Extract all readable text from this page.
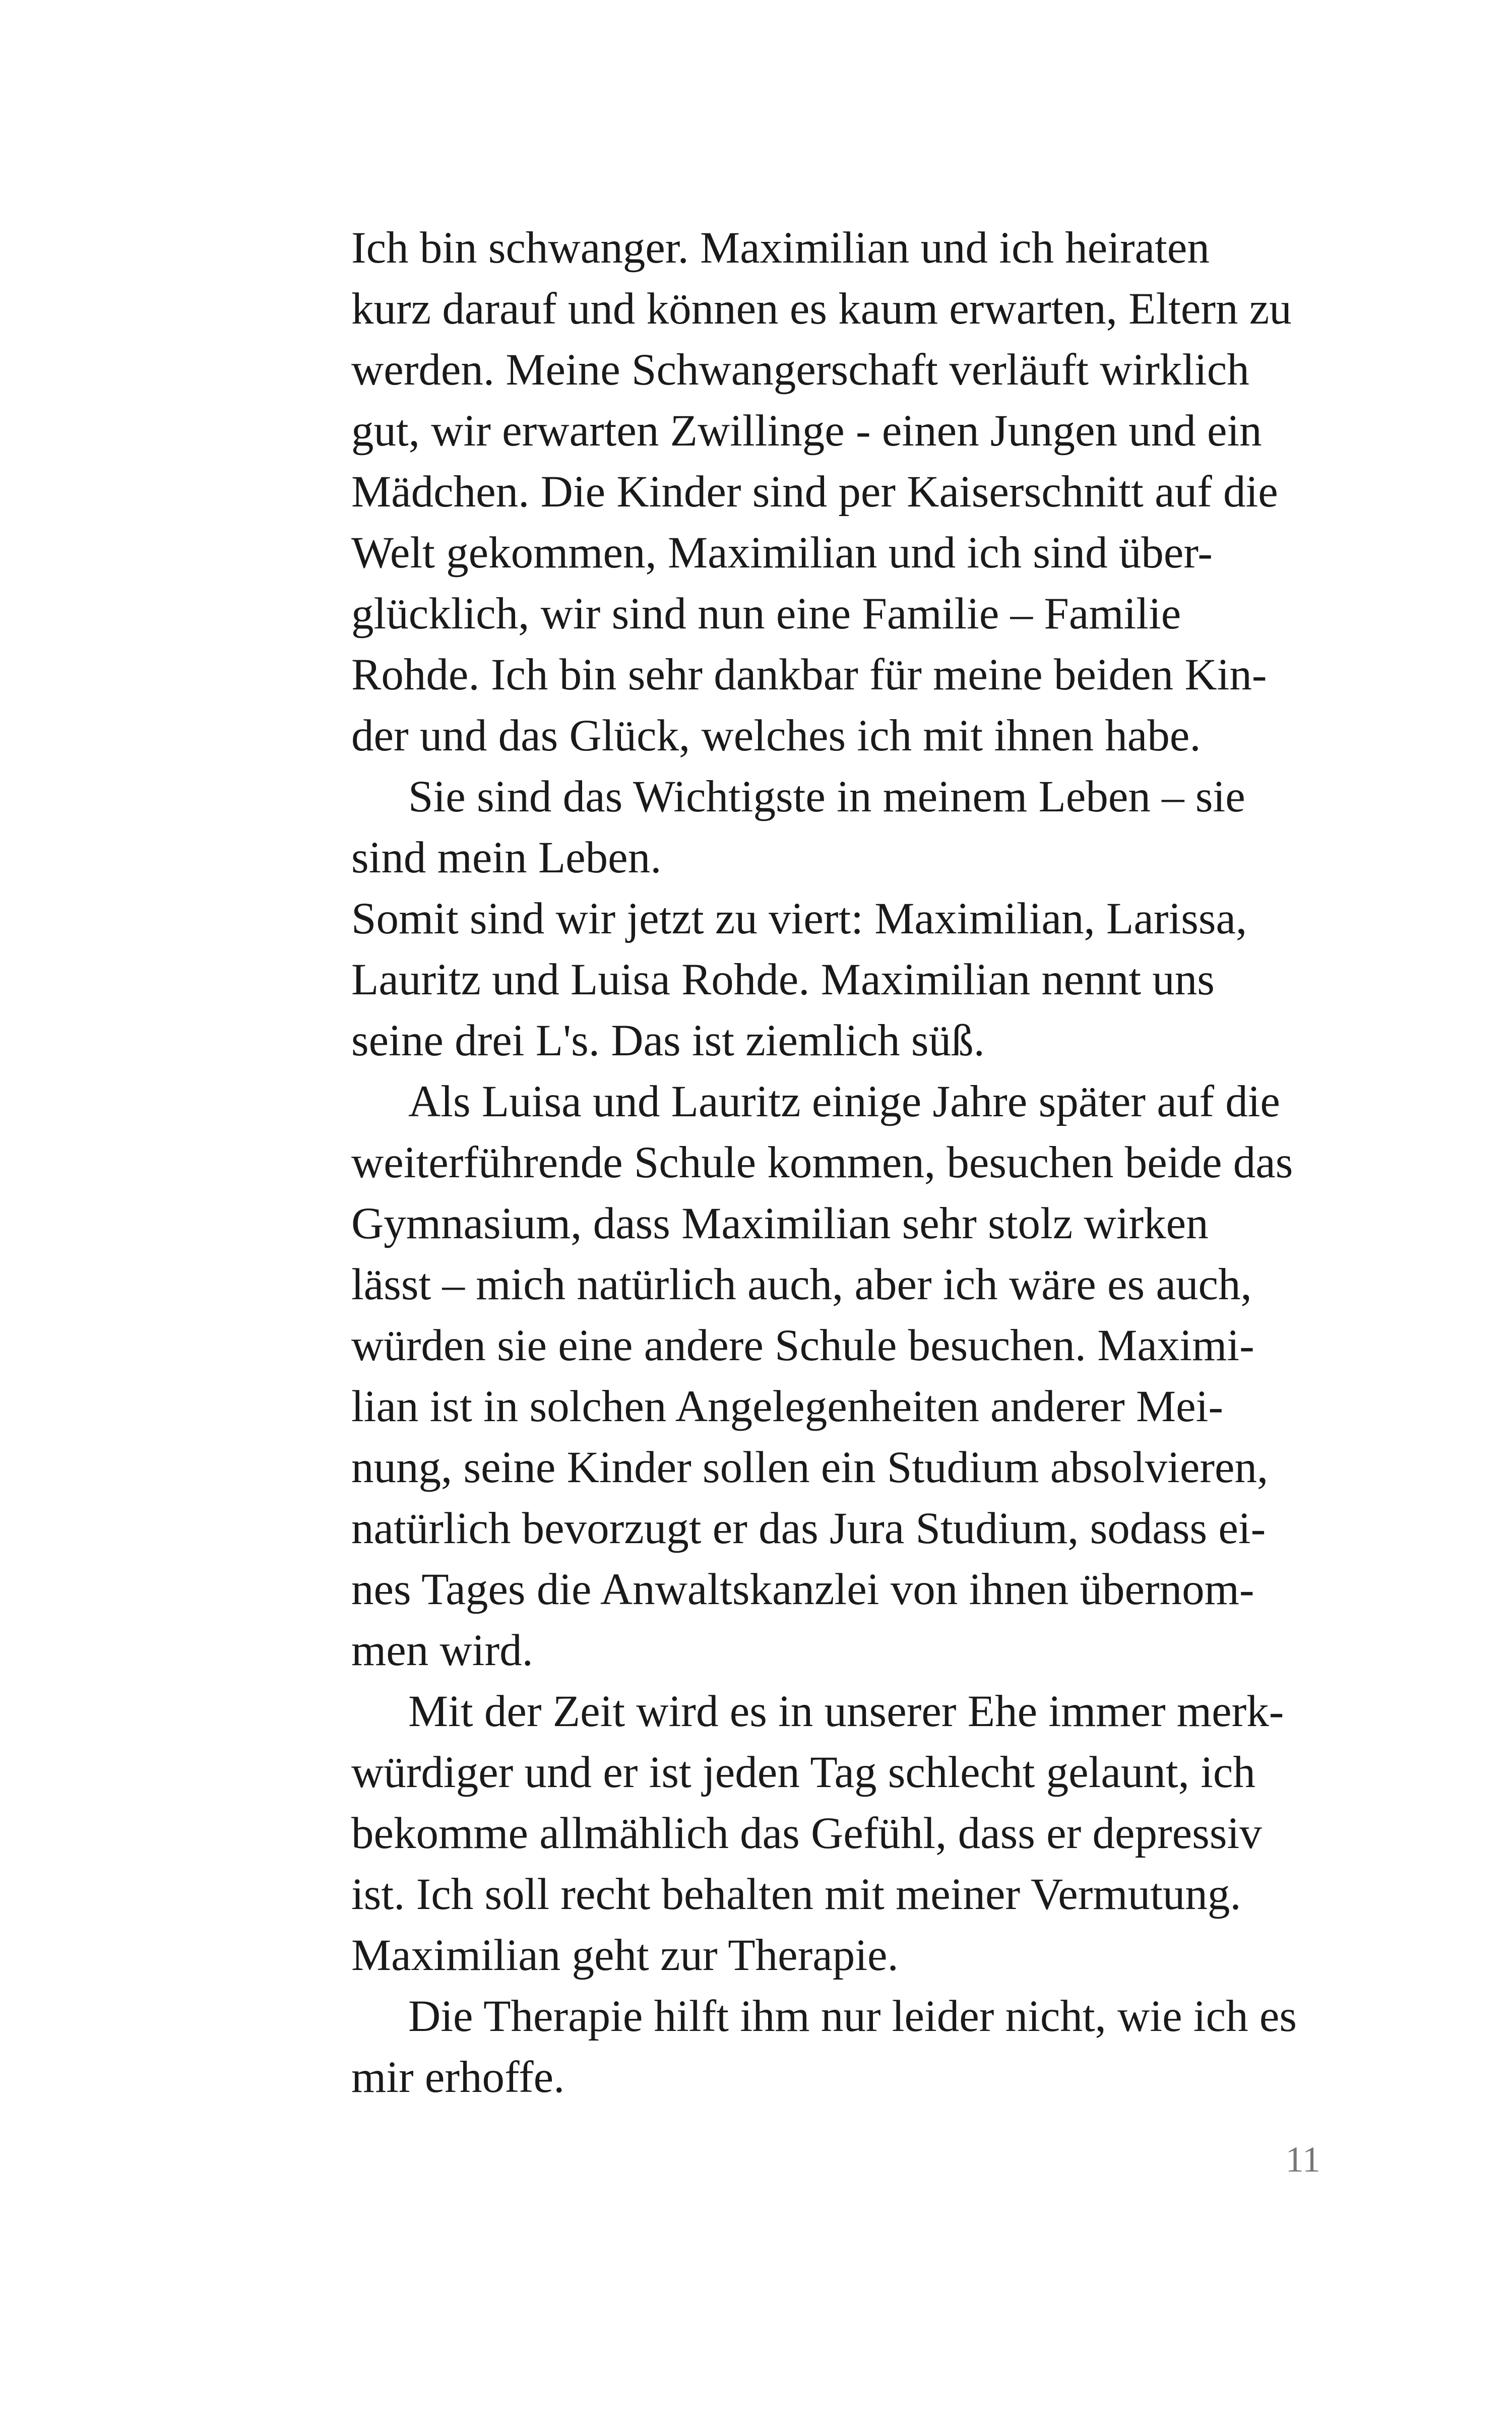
Ich bin schwanger. Maximilian und ich heiraten
kurz darauf und können es kaum erwarten, Eltern zu
werden. Meine Schwangerschaft verläuft wirklich
gut, wir erwarten Zwillinge - einen Jungen und ein
Mädchen. Die Kinder sind per Kaiserschnitt auf die
Welt gekommen, Maximilian und ich sind über-
glücklich, wir sind nun eine Familie – Familie
Rohde. Ich bin sehr dankbar für meine beiden Kin-
der und das Glück, welches ich mit ihnen habe.
Sie sind das Wichtigste in meinem Leben – sie
sind mein Leben.
Somit sind wir jetzt zu viert: Maximilian, Larissa,
Lauritz und Luisa Rohde. Maximilian nennt uns
seine drei L's. Das ist ziemlich süß.
Als Luisa und Lauritz einige Jahre später auf die
weiterführende Schule kommen, besuchen beide das
Gymnasium, dass Maximilian sehr stolz wirken
lässt – mich natürlich auch, aber ich wäre es auch,
würden sie eine andere Schule besuchen. Maximi-
lian ist in solchen Angelegenheiten anderer Mei-
nung, seine Kinder sollen ein Studium absolvieren,
natürlich bevorzugt er das Jura Studium, sodass ei-
nes Tages die Anwaltskanzlei von ihnen übernom-
men wird.
Mit der Zeit wird es in unserer Ehe immer merk-
würdiger und er ist jeden Tag schlecht gelaunt, ich
bekomme allmählich das Gefühl, dass er depressiv
ist. Ich soll recht behalten mit meiner Vermutung.
Maximilian geht zur Therapie.
Die Therapie hilft ihm nur leider nicht, wie ich es
mir erhoffe.
11
